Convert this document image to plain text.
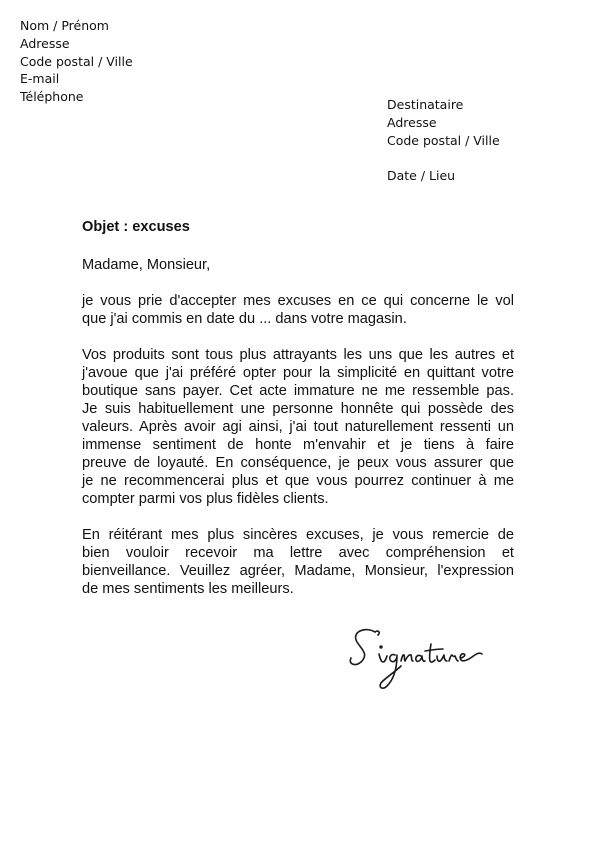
Nom / Prénom
Adresse
Code postal / Ville
E-mail
Téléphone
Destinataire
Adresse
Code postal / Ville
Date / Lieu
Objet : excuses
Madame, Monsieur,
je vous prie d'accepter mes excuses en ce qui concerne le vol
que j'ai commis en date du ... dans votre magasin.
Vos produits sont tous plus attrayants les uns que les autres et
j'avoue que j'ai préféré opter pour la simplicité en quittant votre
boutique sans payer. Cet acte immature ne me ressemble pas.
Je suis habituellement une personne honnête qui possède des
valeurs. Après avoir agi ainsi, j'ai tout naturellement ressenti un
immense sentiment de honte m'envahir et je tiens à faire
preuve de loyauté. En conséquence, je peux vous assurer que
je ne recommencerai plus et que vous pourrez continuer à me
compter parmi vos plus fidèles clients.
En réitérant mes plus sincères excuses, je vous remercie de
bien vouloir recevoir ma lettre avec compréhension et
bienveillance. Veuillez agréer, Madame, Monsieur, l'expression
de mes sentiments les meilleurs.
